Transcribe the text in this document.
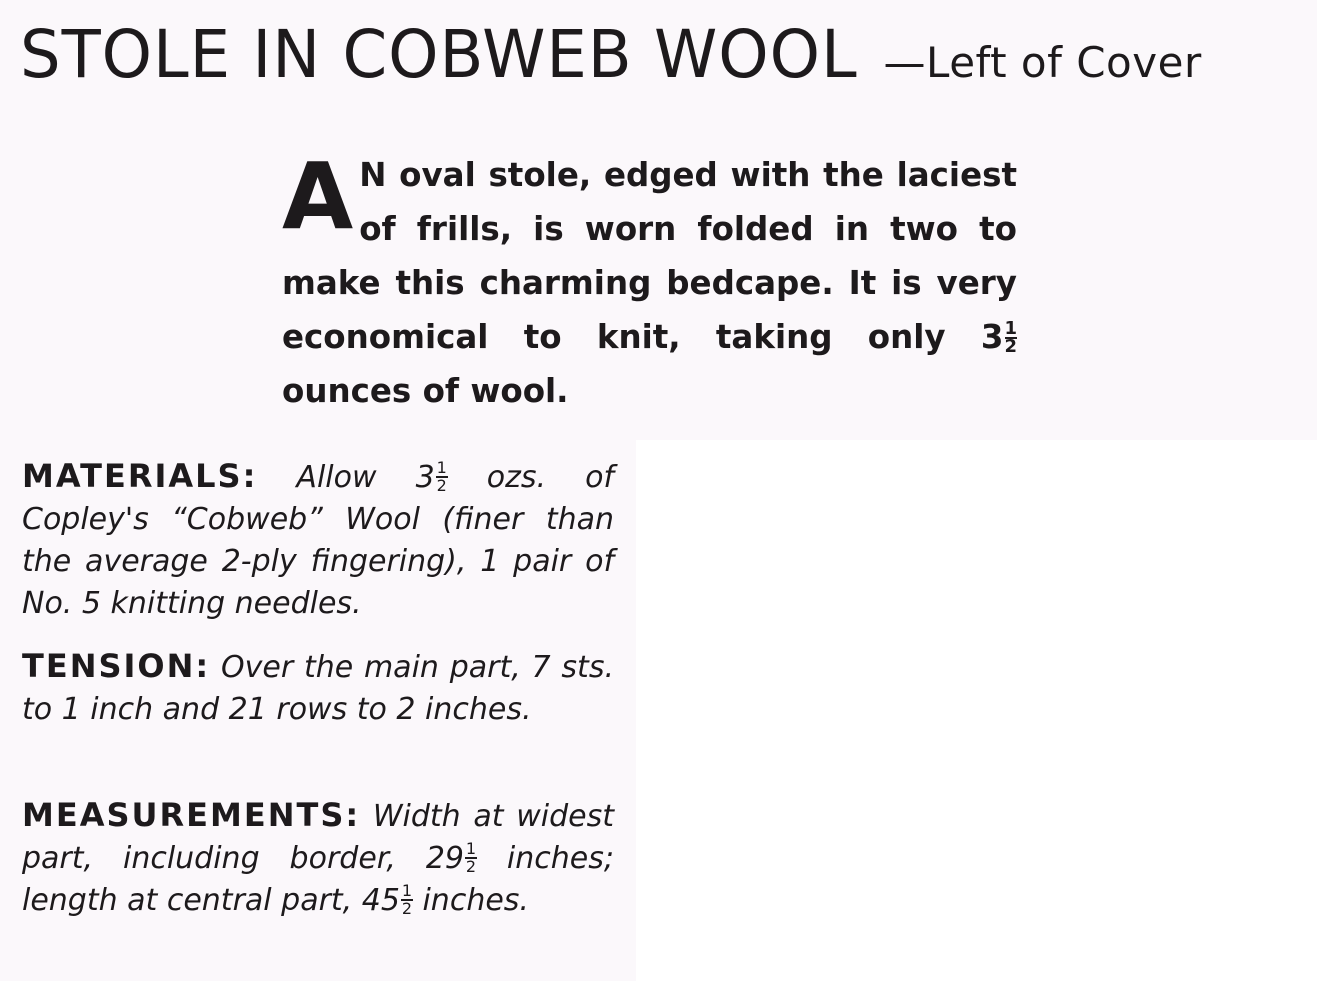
STOLE IN COBWEB WOOL —Left of Cover
A N oval stole, edged with the laciest of frills, is worn folded in two to make this charming bedcape. It is very economical to knit, taking only $3 \frac{1}{2}$
ounces of wool.

MATERIALS: Allow $3 \frac{1}{2}$ ozs. of Copley's “Cobweb” Wool (finer than the average 2-ply fingering), 1 pair of No. 5 knitting needles.

TENSION: Over the main part, 7 sts. to 1 inch and 21 rows to 2 inches.

MEASUREMENTS: Width at widest part, including border, $29 \frac{1}{2}$ inches; length at central part, $45 \frac{1}{2}$ inches.
